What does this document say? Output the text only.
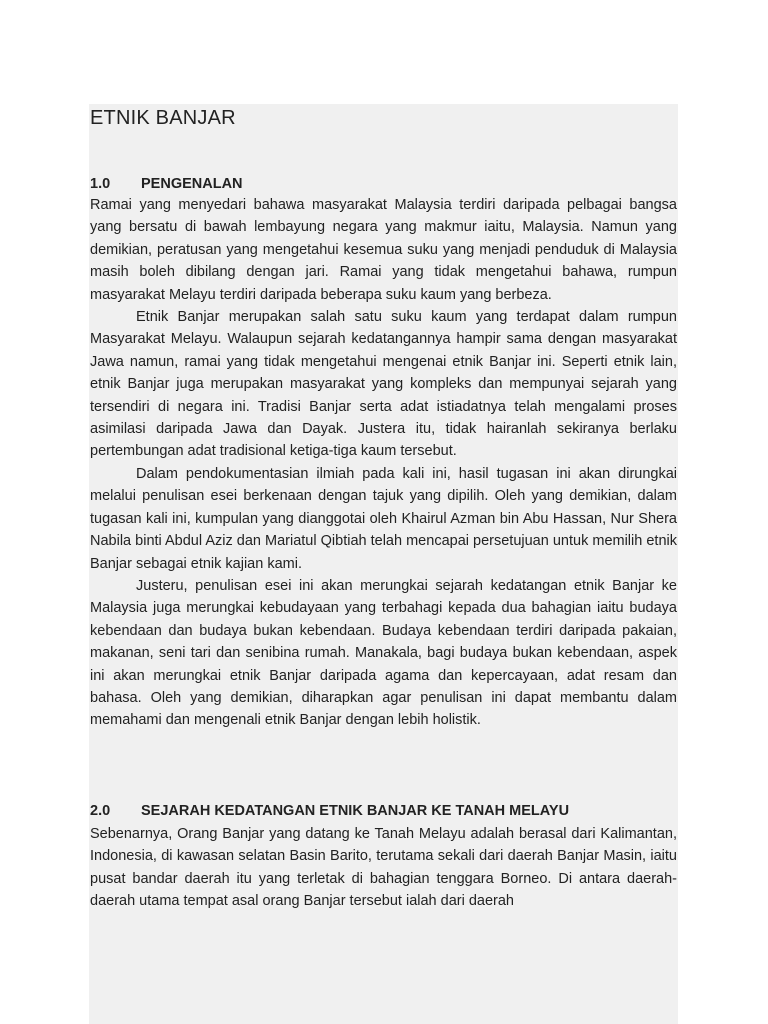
ETNIK BANJAR
1.0 PENGENALAN

Ramai yang menyedari bahawa masyarakat Malaysia terdiri daripada pelbagai bangsa yang bersatu di bawah lembayung negara yang makmur iaitu, Malaysia. Namun yang demikian, peratusan yang mengetahui kesemua suku yang menjadi penduduk di Malaysia masih boleh dibilang dengan jari. Ramai yang tidak mengetahui bahawa, rumpun masyarakat Melayu terdiri daripada beberapa suku kaum yang berbeza.

Etnik Banjar merupakan salah satu suku kaum yang terdapat dalam rumpun Masyarakat Melayu. Walaupun sejarah kedatangannya hampir sama dengan masyarakat Jawa namun, ramai yang tidak mengetahui mengenai etnik Banjar ini. Seperti etnik lain, etnik Banjar juga merupakan masyarakat yang kompleks dan mempunyai sejarah yang tersendiri di negara ini. Tradisi Banjar serta adat istiadatnya telah mengalami proses asimilasi daripada Jawa dan Dayak. Justera itu, tidak hairanlah sekiranya berlaku pertembungan adat tradisional ketiga-tiga kaum tersebut.

Dalam pendokumentasian ilmiah pada kali ini, hasil tugasan ini akan dirungkai melalui penulisan esei berkenaan dengan tajuk yang dipilih. Oleh yang demikian, dalam tugasan kali ini, kumpulan yang dianggotai oleh Khairul Azman bin Abu Hassan, Nur Shera Nabila binti Abdul Aziz dan Mariatul Qibtiah telah mencapai persetujuan untuk memilih etnik Banjar sebagai etnik kajian kami.

Justeru, penulisan esei ini akan merungkai sejarah kedatangan etnik Banjar ke Malaysia juga merungkai kebudayaan yang terbahagi kepada dua bahagian iaitu budaya kebendaan dan budaya bukan kebendaan. Budaya kebendaan terdiri daripada pakaian, makanan, seni tari dan senibina rumah. Manakala, bagi budaya bukan kebendaan, aspek ini akan merungkai etnik Banjar daripada agama dan kepercayaan, adat resam dan bahasa. Oleh yang demikian, diharapkan agar penulisan ini dapat membantu dalam memahami dan mengenali etnik Banjar dengan lebih holistik.

2.0 SEJARAH KEDATANGAN ETNIK BANJAR KE TANAH MELAYU

Sebenarnya, Orang Banjar yang datang ke Tanah Melayu adalah berasal dari Kalimantan, Indonesia, di kawasan selatan Basin Barito, terutama sekali dari daerah Banjar Masin, iaitu pusat bandar daerah itu yang terletak di bahagian tenggara Borneo. Di antara daerah-daerah utama tempat asal orang Banjar tersebut ialah dari daerah
